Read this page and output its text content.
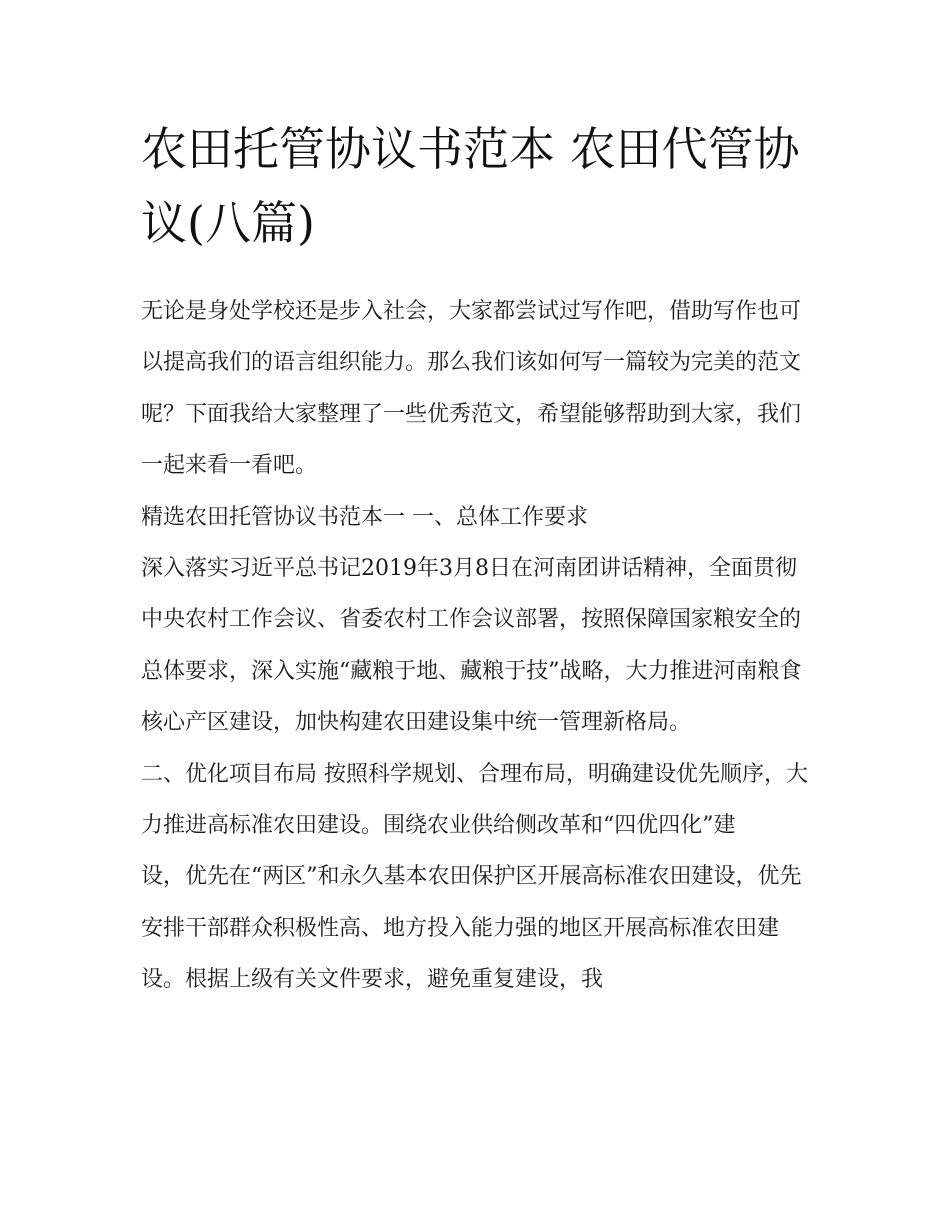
农田托管协议书范本 农田代管协议(八篇)

无论是身处学校还是步入社会，大家都尝试过写作吧，借助写作也可以提高我们的语言组织能力。那么我们该如何写一篇较为完美的范文呢？下面我给大家整理了一些优秀范文，希望能够帮助到大家，我们一起来看一看吧。

精选农田托管协议书范本一 一、总体工作要求

深入落实习近平总书记2019年3月8日在河南团讲话精神，全面贯彻中央农村工作会议、省委农村工作会议部署，按照保障国家粮安全的总体要求，深入实施“藏粮于地、藏粮于技”战略，大力推进河南粮食核心产区建设，加快构建农田建设集中统一管理新格局。

二、优化项目布局 按照科学规划、合理布局，明确建设优先顺序，大力推进高标准农田建设。围绕农业供给侧改革和“四优四化”建

设，优先在“两区”和永久基本农田保护区开展高标准农田建设，优先安排干部群众积极性高、地方投入能力强的地区开展高标准农田建设。根据上级有关文件要求，避免重复建设，我
